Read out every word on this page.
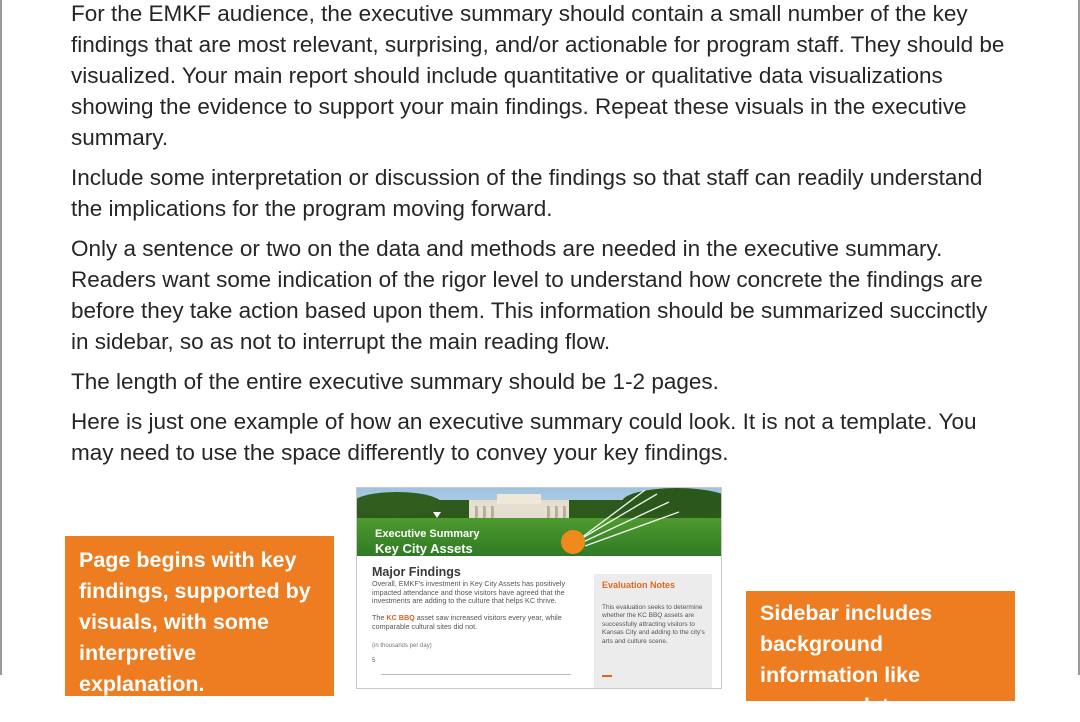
For the EMKF audience, the executive summary should contain a small number of the key findings that are most relevant, surprising, and/or actionable for program staff. They should be visualized. Your main report should include quantitative or qualitative data visualizations showing the evidence to support your main findings. Repeat these visuals in the executive summary.

Include some interpretation or discussion of the findings so that staff can readily understand the implications for the program moving forward.

Only a sentence or two on the data and methods are needed in the executive summary. Readers want some indication of the rigor level to understand how concrete the findings are before they take action based upon them. This information should be summarized succinctly in sidebar, so as not to interrupt the main reading flow.

The length of the entire executive summary should be 1-2 pages.

Here is just one example of how an executive summary could look. It is not a template. You may need to use the space differently to convey your key findings.

Page begins with key findings, supported by visuals, with some interpretive explanation.
Executive Summary
Key City Assets
Major Findings
Overall, EMKF's investment in Key City Assets has positively impacted attendance and those visitors have agreed that the investments are adding to the culture that helps KC thrive.
The KC BBQ asset saw increased visitors every year, while comparable cultural sites did not.
(in thousands per day)
5
Evaluation Notes
This evaluation seeks to determine whether the KC BBQ assets are successfully attracting visitors to Kansas City and adding to the city's arts and culture scene.
Sidebar includes background information like purpose, data
